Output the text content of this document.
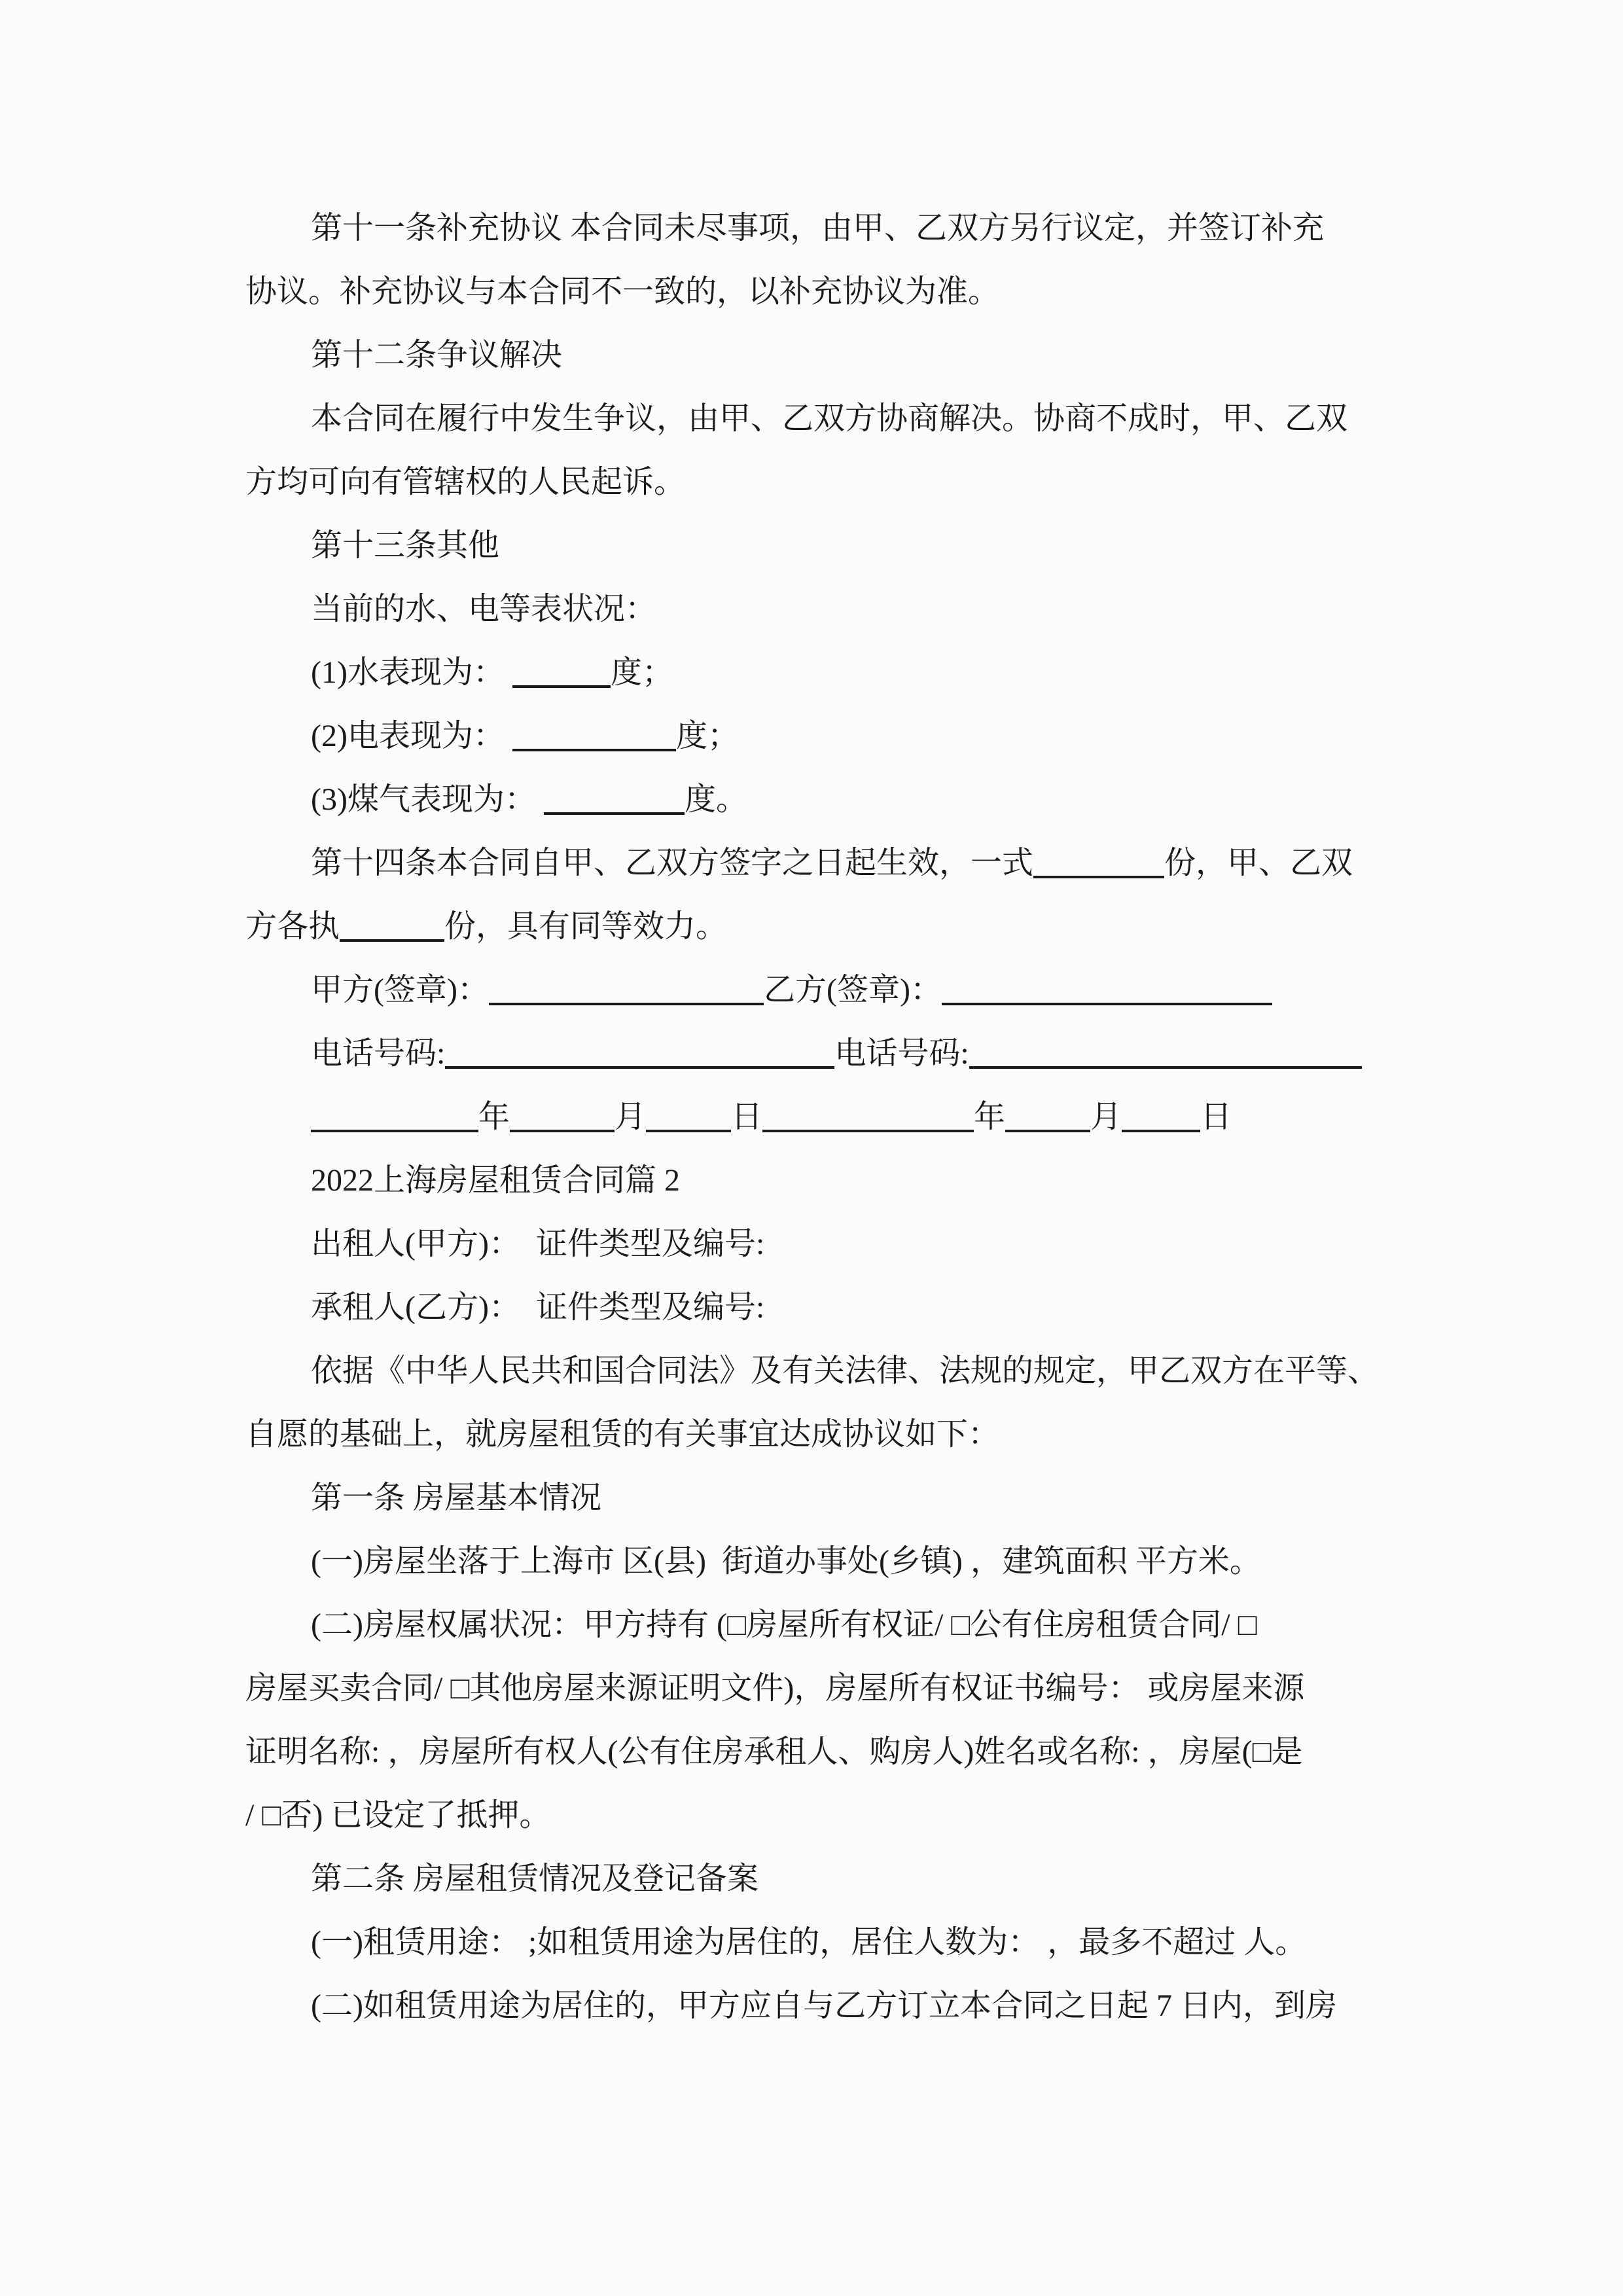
第十一条补充协议 本合同未尽事项，由甲、乙双方另行议定，并签订补充
协议。补充协议与本合同不一致的，以补充协议为准。
第十二条争议解决
本合同在履行中发生争议，由甲、乙双方协商解决。协商不成时，甲、乙双
方均可向有管辖权的人民起诉。
第十三条其他
当前的水、电等表状况：
(1)水表现为：	度；
(2)电表现为：	度；
(3)煤气表现为：	度。
第十四条本合同自甲、乙双方签字之日起生效，一式	份，甲、乙双
方各执	份，具有同等效力。
甲方(签章)：	乙方(签章)：
电话号码:	电话号码:
年	月	日	年	月	日
2022上海房屋租赁合同篇 2
出租人(甲方)：  证件类型及编号:
承租人(乙方)：  证件类型及编号:
依据《中华人民共和国合同法》及有关法律、法规的规定，甲乙双方在平等、
自愿的基础上，就房屋租赁的有关事宜达成协议如下：
第一条 房屋基本情况
(一)房屋坐落于上海市 区(县)  街道办事处(乡镇) ，建筑面积 平方米。
(二)房屋权属状况：甲方持有 (□房屋所有权证/ □公有住房租赁合同/ □
房屋买卖合同/ □其他房屋来源证明文件)，房屋所有权证书编号： 或房屋来源
证明名称: ，房屋所有权人(公有住房承租人、购房人)姓名或名称: ，房屋(□是
/ □否) 已设定了抵押。
第二条 房屋租赁情况及登记备案
(一)租赁用途： ;如租赁用途为居住的，居住人数为： ，最多不超过 人。
(二)如租赁用途为居住的，甲方应自与乙方订立本合同之日起 7 日内，到房
